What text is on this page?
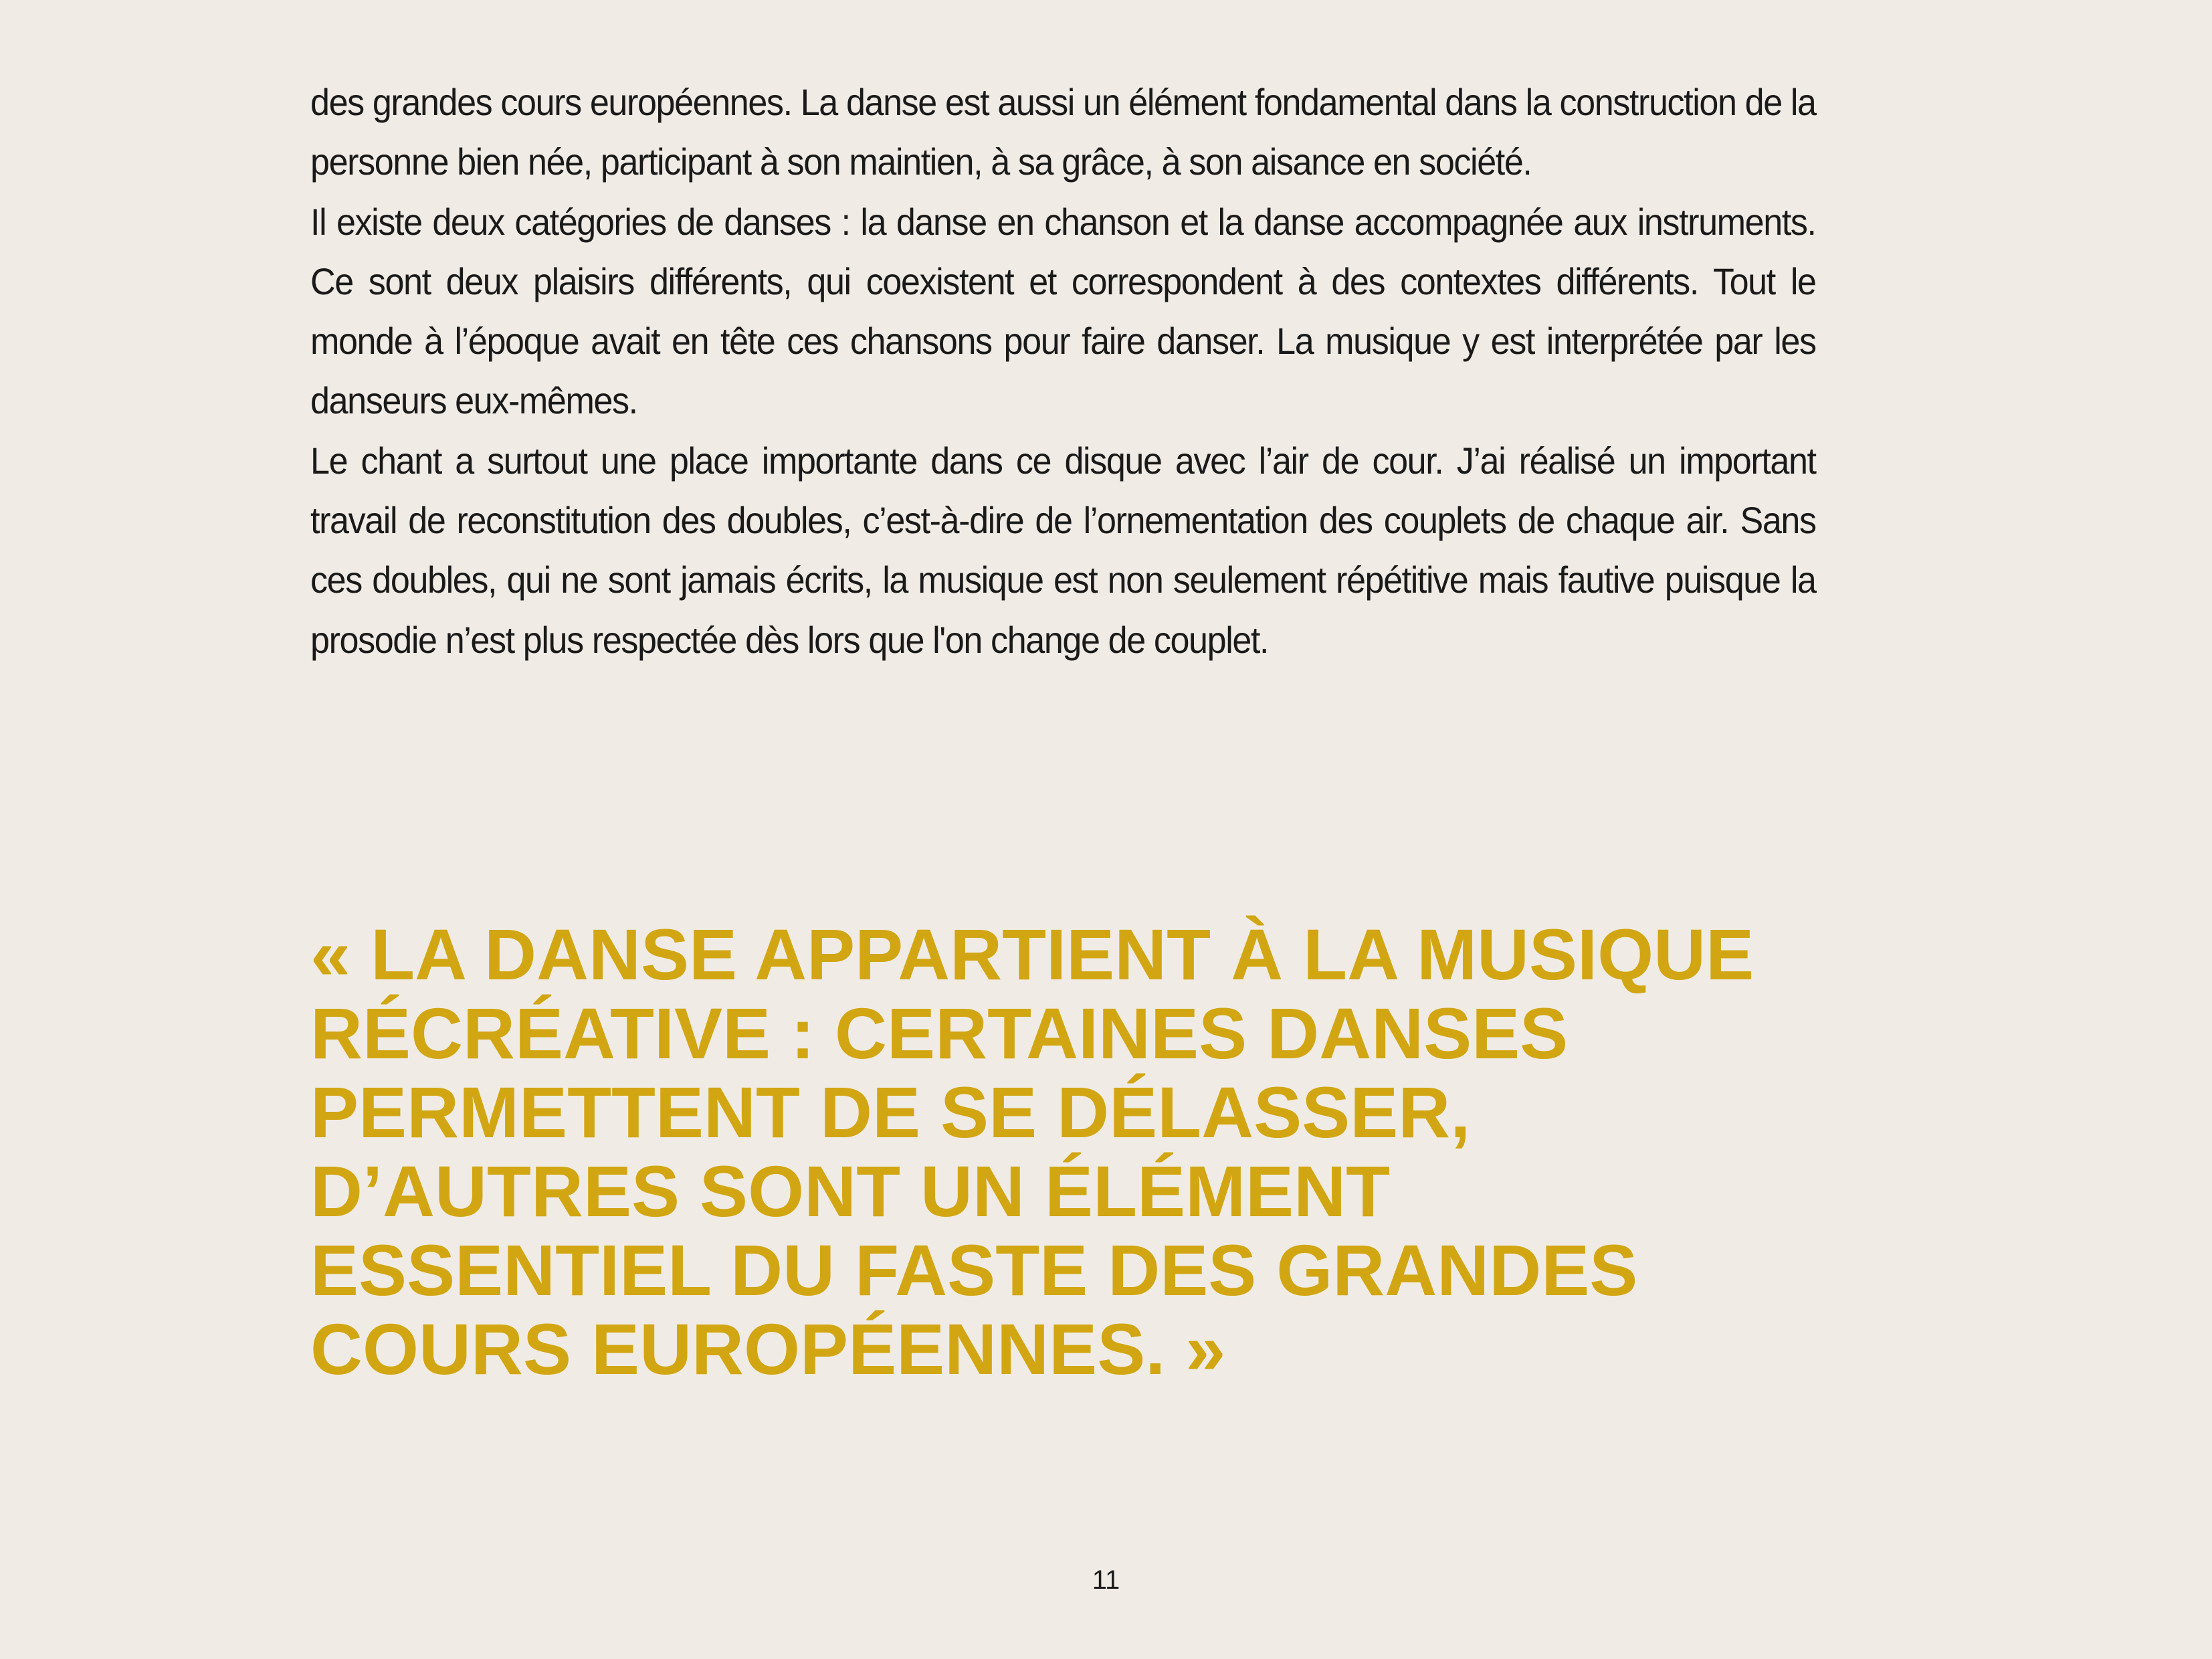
des grandes cours européennes. La danse est aussi un élément fondamental dans la construction de la personne bien née, participant à son maintien, à sa grâce, à son aisance en société.

Il existe deux catégories de danses : la danse en chanson et la danse accompagnée aux instruments. Ce sont deux plaisirs différents, qui coexistent et correspondent à des contextes différents. Tout le monde à l’époque avait en tête ces chansons pour faire danser. La musique y est interprétée par les danseurs eux-mêmes.

Le chant a surtout une place importante dans ce disque avec l’air de cour. J’ai réalisé un important travail de reconstitution des doubles, c’est-à-dire de l’ornementation des couplets de chaque air. Sans ces doubles, qui ne sont jamais écrits, la musique est non seulement répétitive mais fautive puisque la prosodie n’est plus respectée dès lors que l'on change de couplet.

« LA DANSE APPARTIENT À LA MUSIQUE
RÉCRÉATIVE : CERTAINES DANSES
PERMETTENT DE SE DÉLASSER,
D’AUTRES SONT UN ÉLÉMENT
ESSENTIEL DU FASTE DES GRANDES
COURS EUROPÉENNES. »
11
